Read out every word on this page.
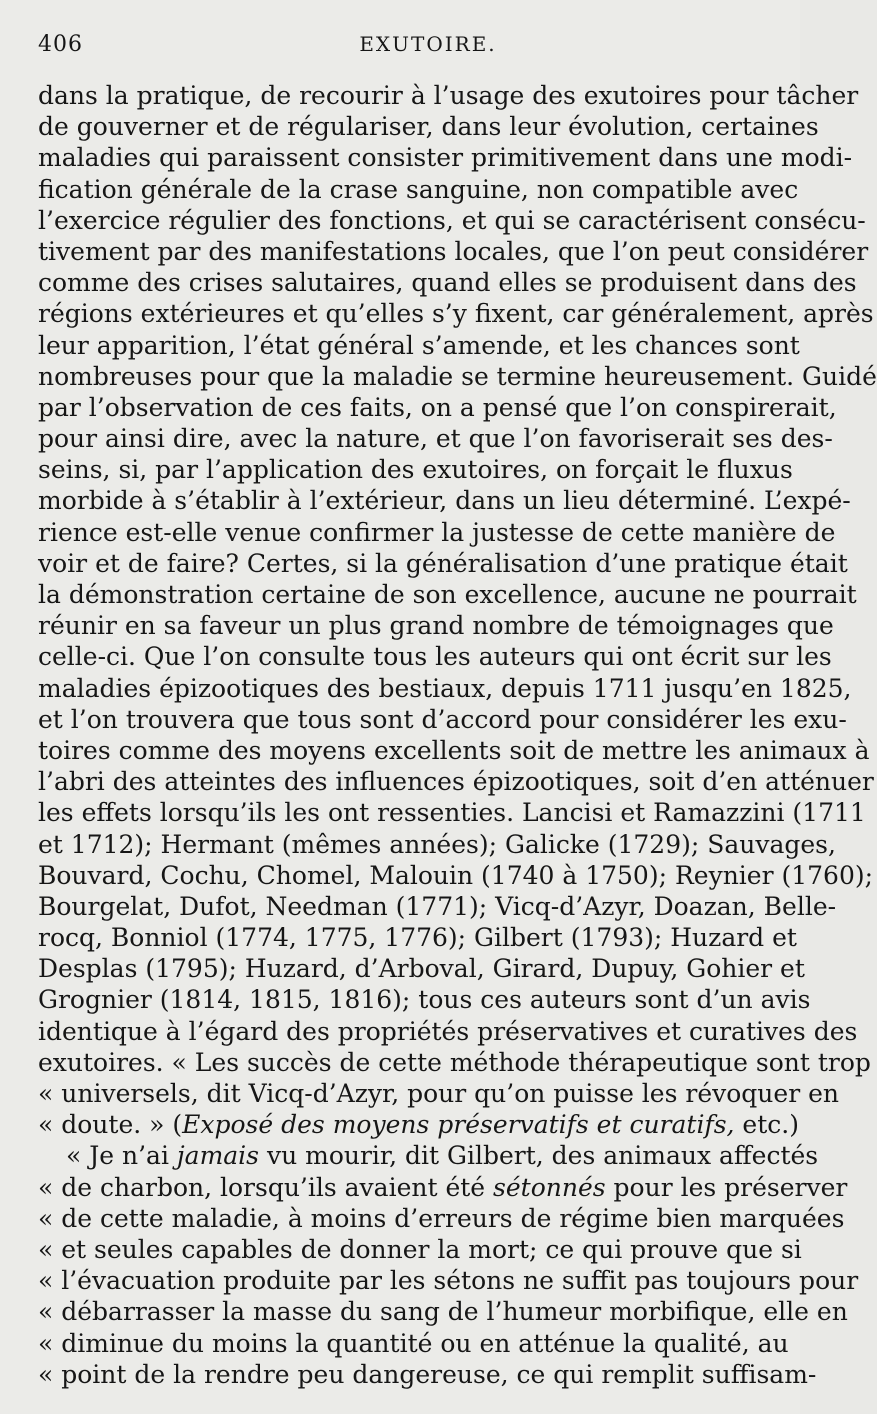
406	EXUTOIRE.
dans la pratique, de recourir à l’usage des exutoires pour tâcher
de gouverner et de régulariser, dans leur évolution, certaines
maladies qui paraissent consister primitivement dans une modi-
fication générale de la crase sanguine, non compatible avec
l’exercice régulier des fonctions, et qui se caractérisent consécu-
tivement par des manifestations locales, que l’on peut considérer
comme des crises salutaires, quand elles se produisent dans des
régions extérieures et qu’elles s’y fixent, car généralement, après
leur apparition, l’état général s’amende, et les chances sont
nombreuses pour que la maladie se termine heureusement. Guidé
par l’observation de ces faits, on a pensé que l’on conspirerait,
pour ainsi dire, avec la nature, et que l’on favoriserait ses des-
seins, si, par l’application des exutoires, on forçait le fluxus
morbide à s’établir à l’extérieur, dans un lieu déterminé. L’expé-
rience est-elle venue confirmer la justesse de cette manière de
voir et de faire? Certes, si la généralisation d’une pratique était
la démonstration certaine de son excellence, aucune ne pourrait
réunir en sa faveur un plus grand nombre de témoignages que
celle-ci. Que l’on consulte tous les auteurs qui ont écrit sur les
maladies épizootiques des bestiaux, depuis 1711 jusqu’en 1825,
et l’on trouvera que tous sont d’accord pour considérer les exu-
toires comme des moyens excellents soit de mettre les animaux à
l’abri des atteintes des influences épizootiques, soit d’en atténuer
les effets lorsqu’ils les ont ressenties. Lancisi et Ramazzini (1711
et 1712); Hermant (mêmes années); Galicke (1729); Sauvages,
Bouvard, Cochu, Chomel, Malouin (1740 à 1750); Reynier (1760);
Bourgelat, Dufot, Needman (1771); Vicq-d’Azyr, Doazan, Belle-
rocq, Bonniol (1774, 1775, 1776); Gilbert (1793); Huzard et
Desplas (1795); Huzard, d’Arboval, Girard, Dupuy, Gohier et
Grognier (1814, 1815, 1816); tous ces auteurs sont d’un avis
identique à l’égard des propriétés préservatives et curatives des
exutoires. « Les succès de cette méthode thérapeutique sont trop
« universels, dit Vicq-d’Azyr, pour qu’on puisse les révoquer en
« doute. » (Exposé des moyens préservatifs et curatifs, etc.)
« Je n’ai jamais vu mourir, dit Gilbert, des animaux affectés
« de charbon, lorsqu’ils avaient été sétonnés pour les préserver
« de cette maladie, à moins d’erreurs de régime bien marquées
« et seules capables de donner la mort; ce qui prouve que si
« l’évacuation produite par les sétons ne suffit pas toujours pour
« débarrasser la masse du sang de l’humeur morbifique, elle en
« diminue du moins la quantité ou en atténue la qualité, au
« point de la rendre peu dangereuse, ce qui remplit suffisam-
